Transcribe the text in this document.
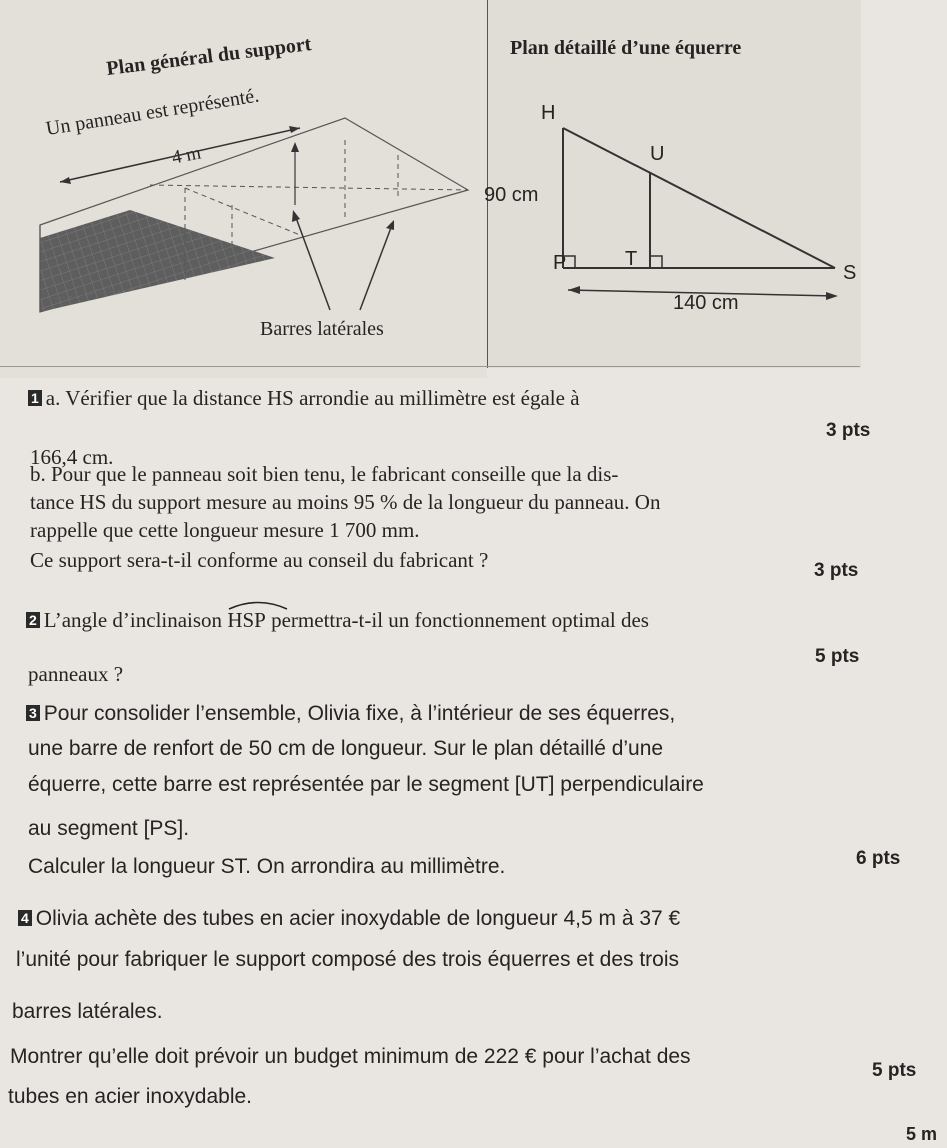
Plan général du support
Un panneau est représenté.
4 m
Barres latérales
Plan détaillé d’une équerre
H
U
90 cm
P	T
S
140 cm
1 a. Vérifier que la distance HS arrondie au millimètre est égale à
3 pts
166,4 cm.
b. Pour que le panneau soit bien tenu, le fabricant conseille que la dis-
tance HS du support mesure au moins 95 % de la longueur du panneau. On
rappelle que cette longueur mesure 1 700 mm.
Ce support sera-t-il conforme au conseil du fabricant ?	3 pts
2 L’angle d’inclinaison HSP permettra-t-il un fonctionnement optimal des
5 pts
panneaux ?
3 Pour consolider l’ensemble, Olivia fixe, à l’intérieur de ses équerres,
une barre de renfort de 50 cm de longueur. Sur le plan détaillé d’une
équerre, cette barre est représentée par le segment [UT] perpendiculaire
au segment [PS].
Calculer la longueur ST. On arrondira au millimètre.	6 pts
4 Olivia achète des tubes en acier inoxydable de longueur 4,5 m à 37 €
l’unité pour fabriquer le support composé des trois équerres et des trois
barres latérales.
Montrer qu’elle doit prévoir un budget minimum de 222 € pour l’achat des
5 pts
tubes en acier inoxydable.
5 m
